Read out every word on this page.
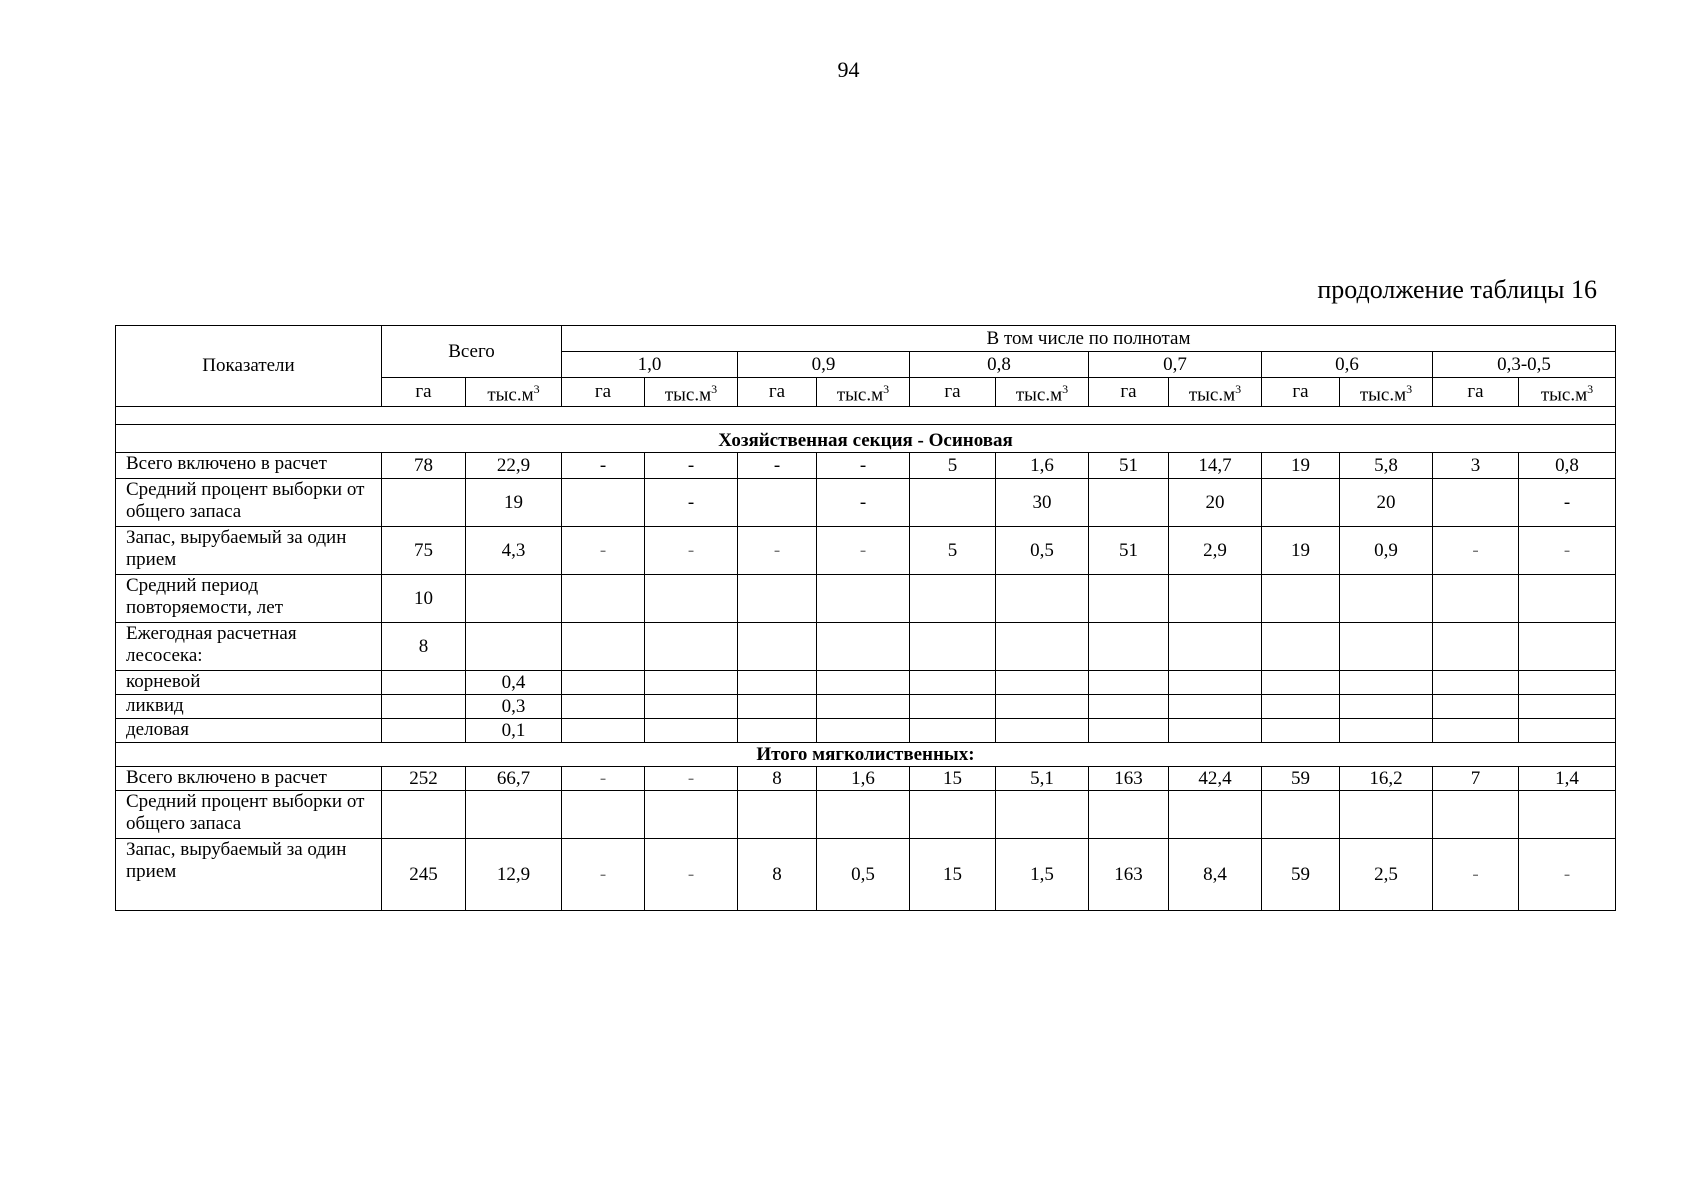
94
продолжение таблицы 16
Показатели	Всего		В том числе по полнотам											
			1,0		0,9		0,8		0,7		0,6		0,3-0,5	
	га	$тыс.м^3$	га	$тыс.м^3$	га	$тыс.м^3$	га	$тыс.м^3$	га	$тыс.м^3$	га	$тыс.м^3$	га	$тыс.м^3$

Хозяйственная секция - Осиновая														
Всего включено в расчет	78	22,9	-	-	-	-	5	1,6	51	14,7	19	5,8	3	0,8
Средний процент выборки от общего запаса		19		-		-		30		20		20		-
Запас, вырубаемый за один прием	75	4,3	-	-	-	-	5	0,5	51	2,9	19	0,9	-	-
Средний период повторяемости, лет	10													
Ежегодная расчетная лесосека:	8													
корневой		0,4												
ликвид		0,3												
деловая		0,1												
Итого мягколиственных:														
Всего включено в расчет	252	66,7	-	-	8	1,6	15	5,1	163	42,4	59	16,2	7	1,4
Средний процент выборки от общего запаса														
Запас, вырубаемый за один прием	245	12,9	-	-	8	0,5	15	1,5	163	8,4	59	2,5	-	-
